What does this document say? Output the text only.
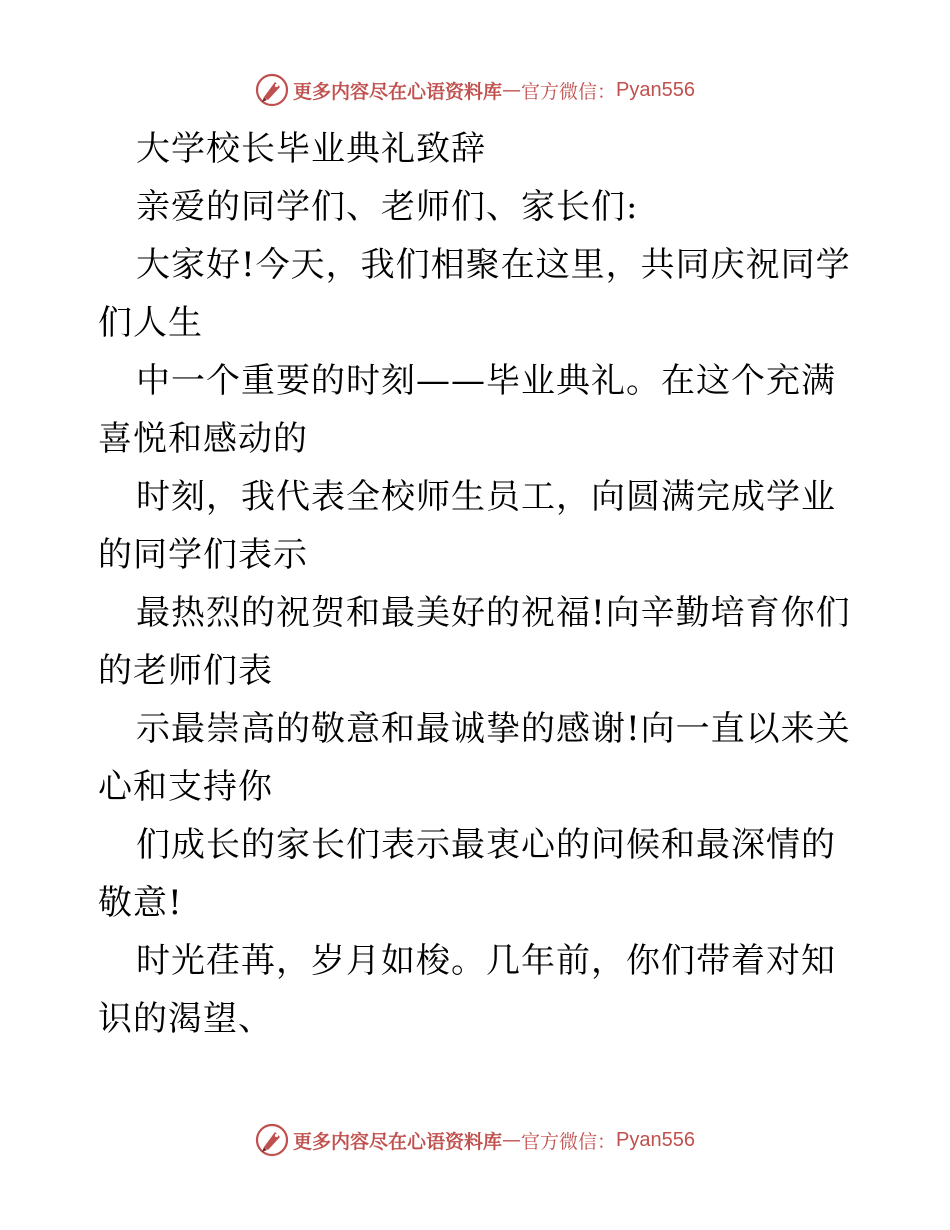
更多内容尽在心语资料库 — 官方微信： Pyan556

大学校长毕业典礼致辞

亲爱的同学们、老师们、家长们:

大家好!今天，我们相聚在这里，共同庆祝同学们人生

中一个重要的时刻——毕业典礼。在这个充满喜悦和感动的

时刻，我代表全校师生员工，向圆满完成学业的同学们表示

最热烈的祝贺和最美好的祝福!向辛勤培育你们的老师们表

示最崇高的敬意和最诚挚的感谢!向一直以来关心和支持你

们成长的家长们表示最衷心的问候和最深情的敬意!

时光荏苒，岁月如梭。几年前，你们带着对知识的渴望、

更多内容尽在心语资料库 — 官方微信： Pyan556
